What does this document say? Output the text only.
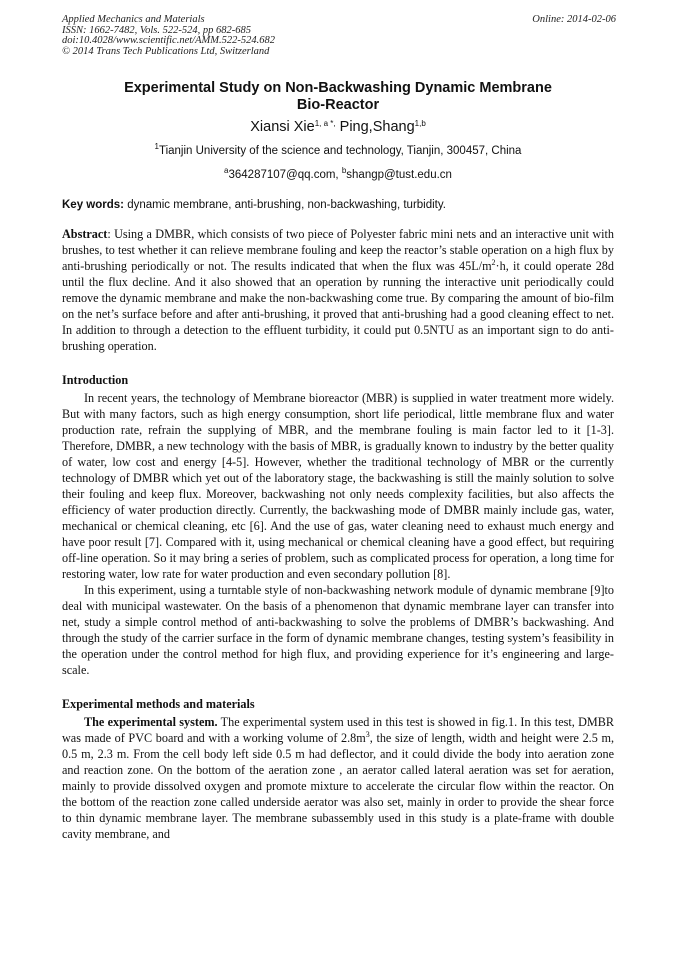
Applied Mechanics and Materials
ISSN: 1662-7482, Vols. 522-524, pp 682-685
doi:10.4028/www.scientific.net/AMM.522-524.682
© 2014 Trans Tech Publications Ltd, Switzerland
Online: 2014-02-06
Experimental Study on Non-Backwashing Dynamic Membrane
Bio-Reactor
Xiansi Xie$^{1, a *,}$ Ping,Shang$^{1,b}$
$^1$Tianjin University of the science and technology, Tianjin, 300457, China
$^a$364287107@qq.com, $^b$shangp@tust.edu.cn
Key words: dynamic membrane, anti-brushing, non-backwashing, turbidity.
Abstract: Using a DMBR, which consists of two piece of Polyester fabric mini nets and an interactive unit with brushes, to test whether it can relieve membrane fouling and keep the reactor’s stable operation on a high flux by anti-brushing periodically or not. The results indicated that when the flux was $45L/m^2\cdot h$, it could operate 28d until the flux decline. And it also showed that an operation by running the interactive unit periodically could remove the dynamic membrane and make the non-backwashing come true. By comparing the amount of bio-film on the net’s surface before and after anti-brushing, it proved that anti-brushing had a good cleaning effect to net. In addition to through a detection to the effluent turbidity, it could put 0.5NTU as an important sign to do anti-brushing operation.
Introduction

In recent years, the technology of Membrane bioreactor (MBR) is supplied in water treatment more widely. But with many factors, such as high energy consumption, short life periodical, little membrane flux and water production rate, refrain the supplying of MBR, and the membrane fouling is main factor led to it [1-3]. Therefore, DMBR, a new technology with the basis of MBR, is gradually known to industry by the better quality of water, low cost and energy [4-5]. However, whether the traditional technology of MBR or the currently technology of DMBR which yet out of the laboratory stage, the backwashing is still the mainly solution to solve their fouling and keep flux. Moreover, backwashing not only needs complexity facilities, but also affects the efficiency of water production directly. Currently, the backwashing mode of DMBR mainly include gas, water, mechanical or chemical cleaning, etc [6]. And the use of gas, water cleaning need to exhaust much energy and have poor result [7]. Compared with it, using mechanical or chemical cleaning have a good effect, but requiring off-line operation. So it may bring a series of problem, such as complicated process for operation, a long time for restoring water, low rate for water production and even secondary pollution [8].

In this experiment, using a turntable style of non-backwashing network module of dynamic membrane [9]to deal with municipal wastewater. On the basis of a phenomenon that dynamic membrane layer can transfer into net, study a simple control method of anti-backwashing to solve the problems of DMBR’s backwashing. And through the study of the carrier surface in the form of dynamic membrane changes, testing system’s feasibility in the operation under the control method for high flux, and providing experience for it’s engineering and large-scale.

Experimental methods and materials

The experimental system. The experimental system used in this test is showed in fig.1. In this test, DMBR was made of PVC board and with a working volume of $2.8m^3$, the size of length, width and height were 2.5 m, 0.5 m, 2.3 m. From the cell body left side 0.5 m had deflector, and it could divide the body into aeration zone and reaction zone. On the bottom of the aeration zone , an aerator called lateral aeration was set for aeration, mainly to provide dissolved oxygen and promote mixture to accelerate the circular flow within the reactor. On the bottom of the reaction zone called underside aerator was also set, mainly in order to provide the shear force to thin dynamic membrane layer. The membrane subassembly used in this study is a plate-frame with double cavity membrane, and
